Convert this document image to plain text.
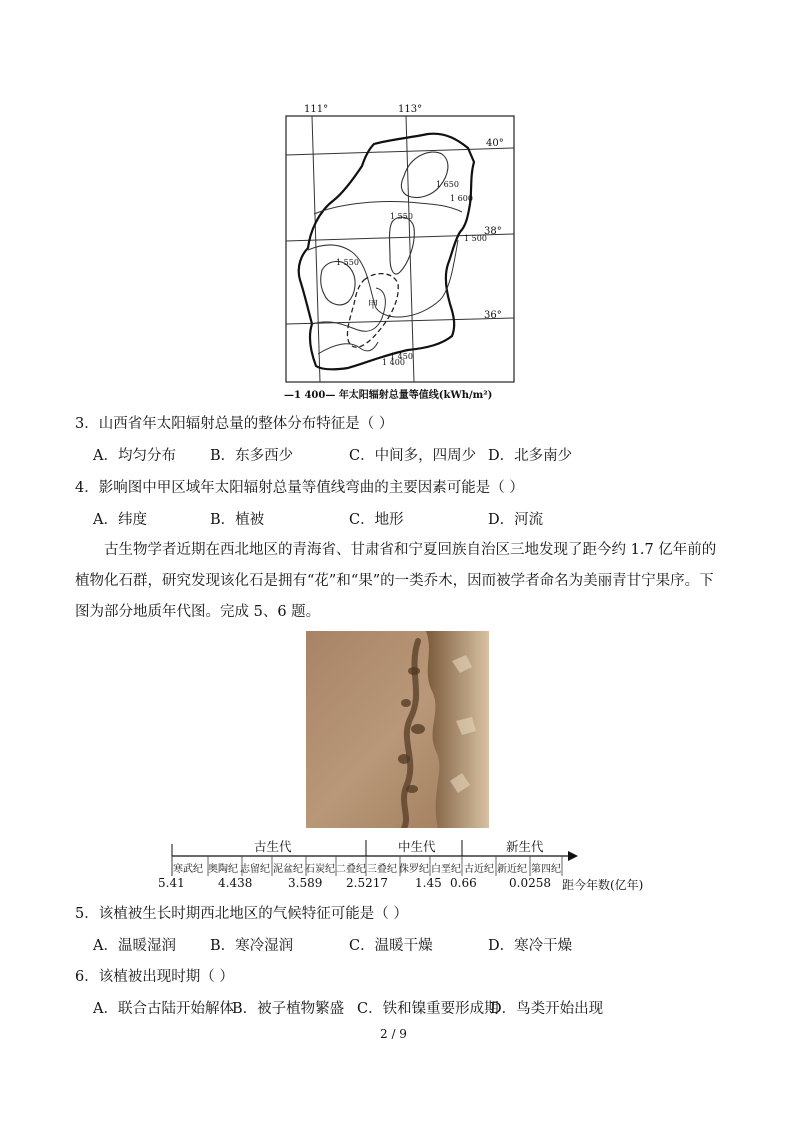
111°	113°
40°
38°
36°
1 650
1 600
1 550
1 550
1 500
1 450
1 400
甲
—1 400— 年太阳辐射总量等值线(kWh/m²)
3．山西省年太阳辐射总量的整体分布特征是（ ）
A．均匀分布 B．东多西少	C．中间多，四周少 D．北多南少
4．影响图中甲区域年太阳辐射总量等值线弯曲的主要因素可能是（ ）
A．纬度	B．植被	C．地形	D．河流
古生物学者近期在西北地区的青海省、甘肃省和宁夏回族自治区三地发现了距今约 1.7 亿年前的植物化石群，研究发现该化石是拥有“花”和“果”的一类乔木，因而被学者命名为美丽青甘宁果序。下图为部分地质年代图。完成 5、6 题。
古生代	中生代	新生代
寒武纪 奥陶纪 志留纪 泥盆纪 石炭纪 二叠纪 三叠纪 侏罗纪 白垩纪 古近纪 新近纪 第四纪
5.41	4.438	3.589 2.5217 1.45 0.66	0.0258 距今年数(亿年)
5．该植被生长时期西北地区的气候特征可能是（ ）
A．温暖湿润 B．寒冷湿润	C．温暖干燥	D．寒冷干燥
6．该植被出现时期（ ）
A．联合古陆开始解体
B．被子植物繁盛 C．铁和镍重要形成期
D．鸟类开始出现
2 / 9
